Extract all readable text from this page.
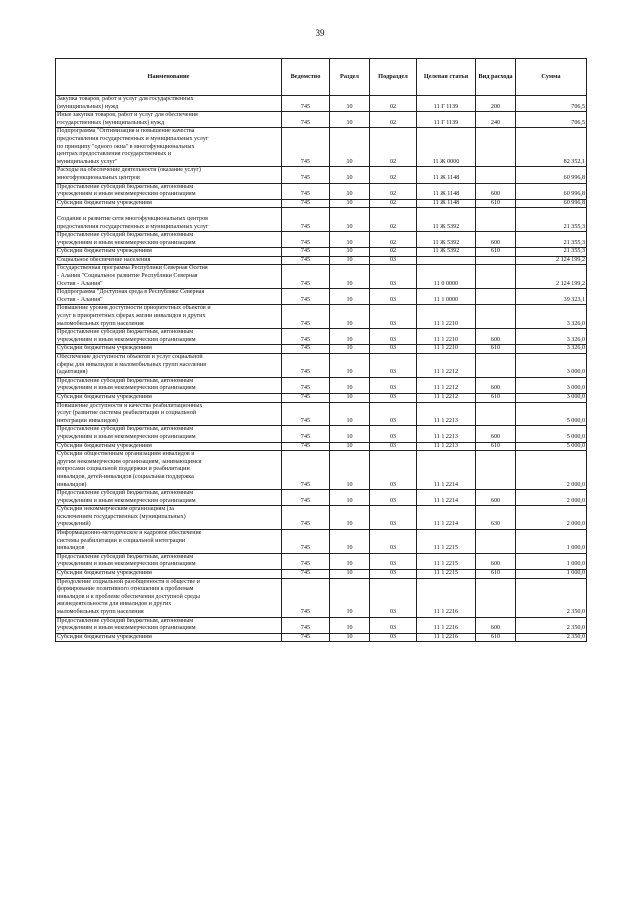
39
Наименование	Ведомство	Раздел	Подраздел	Целевая статья	Вид расхода	Сумма

Закупка товаров, работ и услуг для государственных
(муниципальных) нужд	745	10	02	11 Г 1139	200	706,5

Иные закупки товаров, работ и услуг для обеспечения
государственных (муниципальных) нужд	745	10	02	11 Г 1139	240	706,5

Подпрограмма "Оптимизация и повышение качества
предоставления государственных и муниципальных услуг
по принципу "одного окна" в многофункциональных
центрах предоставления государственных и
муниципальных услуг"	745	10	02	11 Ж 0000		82 352,1

Расходы на обеспечение деятельности (оказание услуг)
многофункциональных центров	745	10	02	11 Ж 1148		60 996,8

Предоставление субсидий бюджетным, автономным
учреждениям и иным некоммерческим организациям	745	10	02	11 Ж 1148	600	60 996,8

Субсидии бюджетным учреждениям	745	10	02	11 Ж 1148	610	60 996,8

Создание и развитие сети многофункциональных центров
предоставления государственных и муниципальных услуг	745	10	02	11 Ж 5392		21 355,3

Предоставление субсидий бюджетным, автономным
учреждениям и иным некоммерческим организациям	745	10	02	11 Ж 5392	600	21 355,3

Субсидии бюджетным учреждениям	745	10	02	11 Ж 5392	610	21 355,3

Социальное обеспечение населения	745	10	03			2 124 199,2

Государственная программа Республики Северная Осетия
- Алания "Социальное развитие Республики Северная
Осетия - Алания"	745	10	03	11 0 0000		2 124 199,2

Подпрограмма "Доступная среда в Республике Северная
Осетия - Алания"	745	10	03	11 1 0000		39 323,1

Повышение уровня доступности приоритетных объектов и
услуг в приоритетных сферах жизни инвалидов и других
маломобильных групп населения	745	10	03	11 1 2210		3 326,0

Предоставление субсидий бюджетным, автономным
учреждениям и иным некоммерческим организациям	745	10	03	11 1 2210	600	3 326,0

Субсидии бюджетным учреждениям	745	10	03	11 1 2210	610	3 326,0

Обеспечение доступности объектов и услуг социальной
сферы для инвалидов и маломобильных групп населения
(адаптация)	745	10	03	11 1 2212		3 000,0

Предоставление субсидий бюджетным, автономным
учреждениям и иным некоммерческим организациям	745	10	03	11 1 2212	600	3 000,0

Субсидии бюджетным учреждениям	745	10	03	11 1 2212	610	3 000,0

Повышение доступности и качества реабилитационных
услуг (развитие системы реабилитации и социальной
интеграции инвалидов)	745	10	03	11 1 2213		5 000,0

Предоставление субсидий бюджетным, автономным
учреждениям и иным некоммерческим организациям	745	10	03	11 1 2213	600	5 000,0

Субсидии бюджетным учреждениям	745	10	03	11 1 2213	610	5 000,0

Субсидии общественным организациям инвалидов и
другим некоммерческим организациям, занимающимся
вопросами социальной поддержки и реабилитации
инвалидов, детей-инвалидов (социальная поддержка
инвалидов)	745	10	03	11 1 2214		2 000,0

Предоставление субсидий бюджетным, автономным
учреждениям и иным некоммерческим организациям	745	10	03	11 1 2214	600	2 000,0

Субсидии некоммерческим организациям (за
исключением государственных (муниципальных)
учреждений)	745	10	03	11 1 2214	630	2 000,0

Информационно-методическое и кадровое обеспечение
системы реабилитации и социальной интеграции
инвалидов	745	10	03	11 1 2215		1 000,0

Предоставление субсидий бюджетным, автономным
учреждениям и иным некоммерческим организациям	745	10	03	11 1 2215	600	1 000,0

Субсидии бюджетным учреждениям	745	10	03	11 1 2215	610	1 000,0

Преодоление социальной разобщенности в обществе и
формирование позитивного отношения к проблемам
инвалидов и к проблеме обеспечения доступной среды
жизнедеятельности для инвалидов и других
маломобильных групп населения	745	10	03	11 1 2216		2 350,0

Предоставление субсидий бюджетным, автономным
учреждениям и иным некоммерческим организациям	745	10	03	11 1 2216	600	2 350,0

Субсидии бюджетным учреждениям	745	10	03	11 1 2216	610	2 350,0
